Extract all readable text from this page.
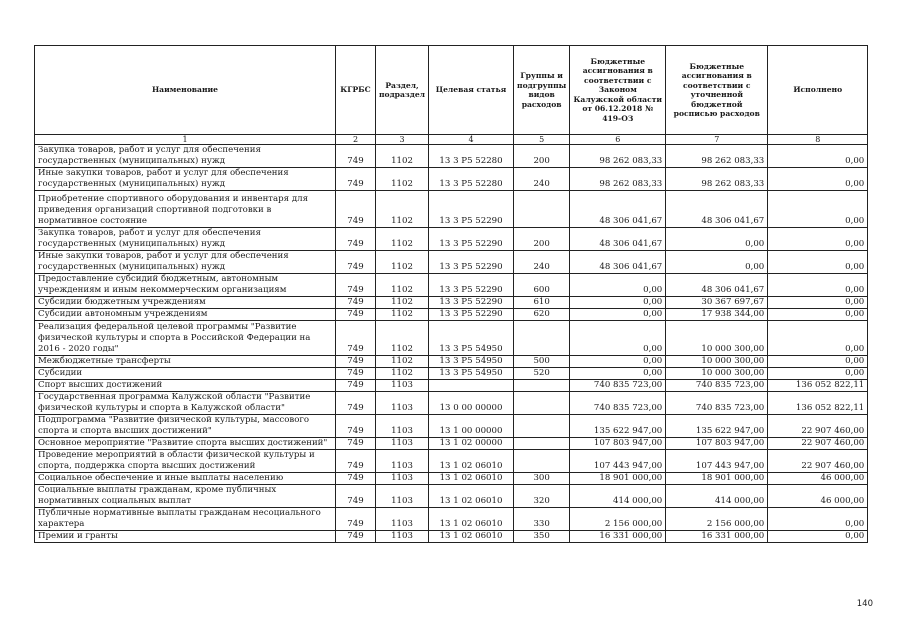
Наименование	КГРБС	Раздел, подраздел	Целевая статья	Группы и подгруппы видов расходов	Бюджетные ассигнования в соответствии с Законом Калужской области от 06.12.2018 № 419-ОЗ	Бюджетные ассигнования в соответствии с уточненной бюджетной росписью расходов	Исполнено
1	2	3	4	5	6	7	8
Закупка товаров, работ и услуг для обеспечения государственных (муниципальных) нужд	749	1102	13 3 P5 52280	200	98 262 083,33	98 262 083,33	0,00
Иные закупки товаров, работ и услуг для обеспечения государственных (муниципальных) нужд	749	1102	13 3 P5 52280	240	98 262 083,33	98 262 083,33	0,00
Приобретение спортивного оборудования и инвентаря для приведения организаций спортивной подготовки в нормативное состояние	749	1102	13 3 P5 52290		48 306 041,67	48 306 041,67	0,00
Закупка товаров, работ и услуг для обеспечения государственных (муниципальных) нужд	749	1102	13 3 P5 52290	200	48 306 041,67	0,00	0,00
Иные закупки товаров, работ и услуг для обеспечения государственных (муниципальных) нужд	749	1102	13 3 P5 52290	240	48 306 041,67	0,00	0,00
Предоставление субсидий бюджетным, автономным учреждениям и иным некоммерческим организациям	749	1102	13 3 P5 52290	600	0,00	48 306 041,67	0,00
Субсидии бюджетным учреждениям	749	1102	13 3 P5 52290	610	0,00	30 367 697,67	0,00
Субсидии автономным учреждениям	749	1102	13 3 P5 52290	620	0,00	17 938 344,00	0,00
Реализация федеральной целевой программы "Развитие физической культуры и спорта в Российской Федерации на 2016 - 2020 годы"	749	1102	13 3 P5 54950		0,00	10 000 300,00	0,00
Межбюджетные трансферты	749	1102	13 3 P5 54950	500	0,00	10 000 300,00	0,00
Субсидии	749	1102	13 3 P5 54950	520	0,00	10 000 300,00	0,00
Спорт высших достижений	749	1103			740 835 723,00	740 835 723,00	136 052 822,11
Государственная программа Калужской области "Развитие физической культуры и спорта в Калужской области"	749	1103	13 0 00 00000		740 835 723,00	740 835 723,00	136 052 822,11
Подпрограмма "Развитие физической культуры, массового спорта и спорта высших достижений"	749	1103	13 1 00 00000		135 622 947,00	135 622 947,00	22 907 460,00
Основное мероприятие "Развитие спорта высших достижений"	749	1103	13 1 02 00000		107 803 947,00	107 803 947,00	22 907 460,00
Проведение мероприятий в области физической культуры и спорта, поддержка спорта высших достижений	749	1103	13 1 02 06010		107 443 947,00	107 443 947,00	22 907 460,00
Социальное обеспечение и иные выплаты населению	749	1103	13 1 02 06010	300	18 901 000,00	18 901 000,00	46 000,00
Социальные выплаты гражданам, кроме публичных нормативных социальных выплат	749	1103	13 1 02 06010	320	414 000,00	414 000,00	46 000,00
Публичные нормативные выплаты гражданам несоциального характера	749	1103	13 1 02 06010	330	2 156 000,00	2 156 000,00	0,00
Премии и гранты	749	1103	13 1 02 06010	350	16 331 000,00	16 331 000,00	0,00
140
